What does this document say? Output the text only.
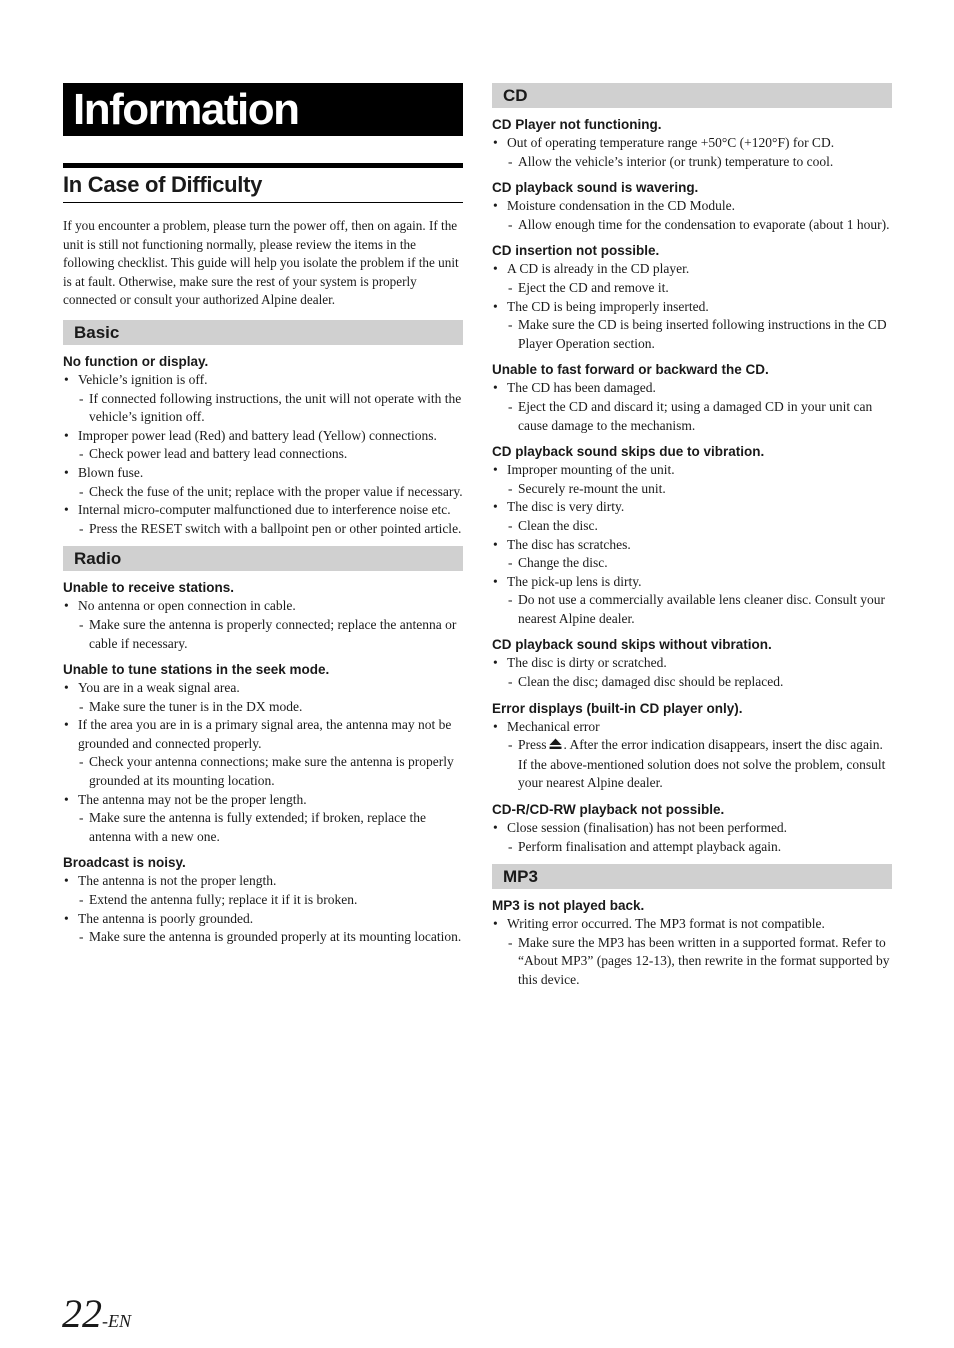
Information
In Case of Difficulty
If you encounter a problem, please turn the power off, then on again. If the unit is still not functioning normally, please review the items in the following checklist. This guide will help you isolate the problem if the unit is at fault. Otherwise, make sure the rest of your system is properly connected or consult your authorized Alpine dealer.
Basic
No function or display.
• Vehicle’s ignition is off.
- If connected following instructions, the unit will not operate with the vehicle’s ignition off.
• Improper power lead (Red) and battery lead (Yellow) connections.
- Check power lead and battery lead connections.
• Blown fuse.
- Check the fuse of the unit; replace with the proper value if necessary.
• Internal micro-computer malfunctioned due to interference noise etc.
- Press the RESET switch with a ballpoint pen or other pointed article.
Radio
Unable to receive stations.
• No antenna or open connection in cable.
- Make sure the antenna is properly connected; replace the antenna or cable if necessary.
Unable to tune stations in the seek mode.
• You are in a weak signal area.
- Make sure the tuner is in the DX mode.
• If the area you are in is a primary signal area, the antenna may not be grounded and connected properly.
- Check your antenna connections; make sure the antenna is properly grounded at its mounting location.
• The antenna may not be the proper length.
- Make sure the antenna is fully extended; if broken, replace the antenna with a new one.
Broadcast is noisy.
• The antenna is not the proper length.
- Extend the antenna fully; replace it if it is broken.
• The antenna is poorly grounded.
- Make sure the antenna is grounded properly at its mounting location.
CD
CD Player not functioning.
• Out of operating temperature range +50°C (+120°F) for CD.
- Allow the vehicle’s interior (or trunk) temperature to cool.
CD playback sound is wavering.
• Moisture condensation in the CD Module.
- Allow enough time for the condensation to evaporate (about 1 hour).
CD insertion not possible.
• A CD is already in the CD player.
- Eject the CD and remove it.
• The CD is being improperly inserted.
- Make sure the CD is being inserted following instructions in the CD Player Operation section.
Unable to fast forward or backward the CD.
• The CD has been damaged.
- Eject the CD and discard it; using a damaged CD in your unit can cause damage to the mechanism.
CD playback sound skips due to vibration.
• Improper mounting of the unit.
- Securely re-mount the unit.
• The disc is very dirty.
- Clean the disc.
• The disc has scratches.
- Change the disc.
• The pick-up lens is dirty.
- Do not use a commercially available lens cleaner disc. Consult your nearest Alpine dealer.
CD playback sound skips without vibration.
• The disc is dirty or scratched.
- Clean the disc; damaged disc should be replaced.
Error displays (built-in CD player only).
• Mechanical error
- Press . After the error indication disappears, insert the disc again. If the above-mentioned solution does not solve the problem, consult your nearest Alpine dealer.
CD-R/CD-RW playback not possible.
• Close session (finalisation) has not been performed.
- Perform finalisation and attempt playback again.
MP3
MP3 is not played back.
• Writing error occurred. The MP3 format is not compatible.
- Make sure the MP3 has been written in a supported format. Refer to “About MP3” (pages 12-13), then rewrite in the format supported by this device.
22-EN
